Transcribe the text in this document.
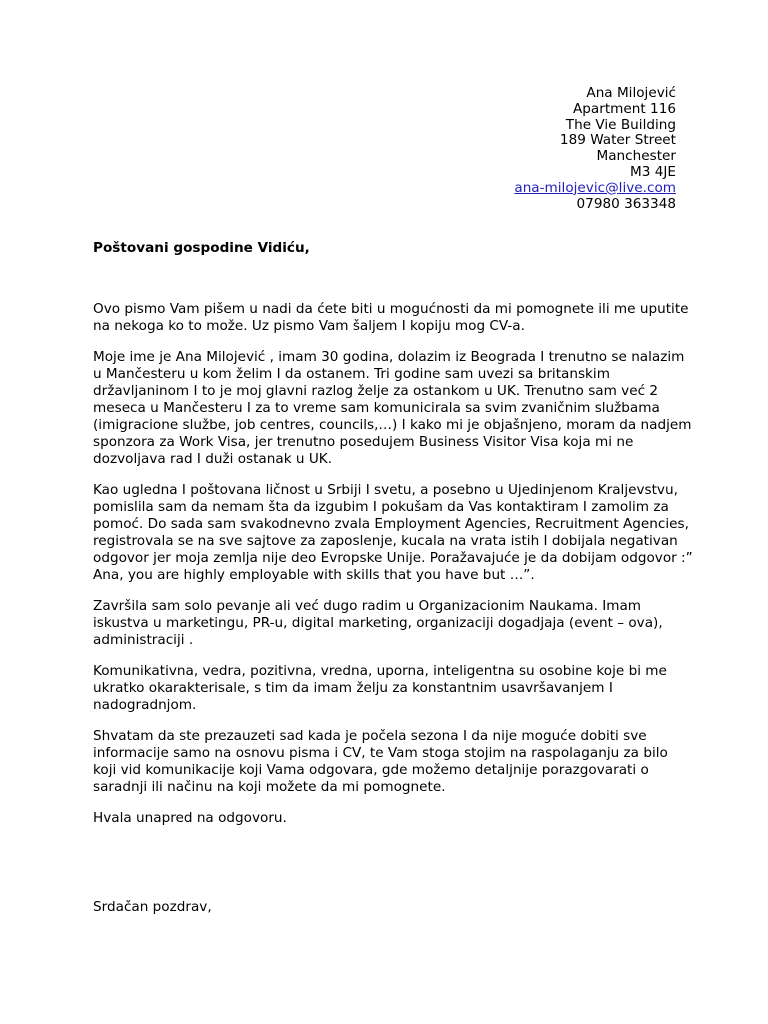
Ana Milojević
Apartment 116
The Vie Building
189 Water Street
Manchester
M3 4JE
ana-milojevic@live.com
07980 363348
Poštovani gospodine Vidiću,

Ovo pismo Vam pišem u nadi da ćete biti u mogućnosti da mi pomognete ili me uputite na nekoga ko to može. Uz pismo Vam šaljem I kopiju mog CV-a.

Moje ime je Ana Milojević , imam 30 godina, dolazim iz Beograda I trenutno se nalazim u Mančesteru u kom želim I da ostanem. Tri godine sam uvezi sa britanskim državljaninom I to je moj glavni razlog želje za ostankom u UK. Trenutno sam već 2 meseca u Mančesteru I za to vreme sam komunicirala sa svim zvaničnim službama (imigracione službe, job centres, councils,…) I kako mi je objašnjeno, moram da nadjem sponzora za Work Visa, jer trenutno posedujem Business Visitor Visa koja mi ne dozvoljava rad I duži ostanak u UK.

Kao ugledna I poštovana ličnost u Srbiji I svetu, a posebno u Ujedinjenom Kraljevstvu, pomislila sam da nemam šta da izgubim I pokušam da Vas kontaktiram I zamolim za pomoć. Do sada sam svakodnevno zvala Employment Agencies, Recruitment Agencies, registrovala se na sve sajtove za zaposlenje, kucala na vrata istih I dobijala negativan odgovor jer moja zemlja nije deo Evropske Unije. Poražavajuće je da dobijam odgovor :” Ana, you are highly employable with skills that you have but …”.

Završila sam solo pevanje ali već dugo radim u Organizacionim Naukama. Imam iskustva u marketingu, PR-u, digital marketing, organizaciji dogadjaja (event – ova), administraciji .

Komunikativna, vedra, pozitivna, vredna, uporna, inteligentna su osobine koje bi me ukratko okarakterisale, s tim da imam želju za konstantnim usavršavanjem I nadogradnjom.

Shvatam da ste prezauzeti sad kada je počela sezona I da nije moguće dobiti sve informacije samo na osnovu pisma i CV, te Vam stoga stojim na raspolaganju za bilo koji vid komunikacije koji Vama odgovara, gde možemo detaljnije porazgovarati o saradnji ili načinu na koji možete da mi pomognete.

Hvala unapred na odgovoru.

Srdačan pozdrav,
